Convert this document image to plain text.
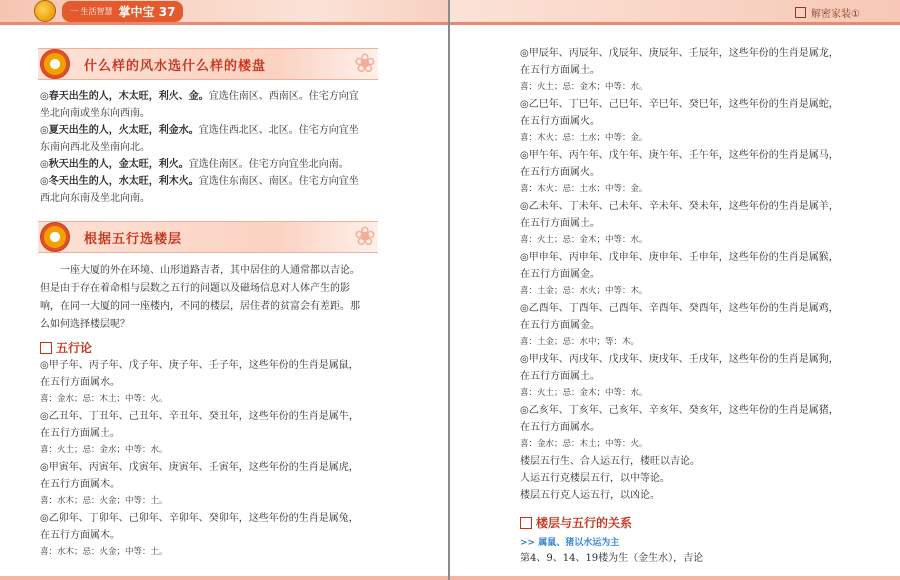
一 生活智慧 掌中宝 37
什么样的风水选什么样的楼盘	❀
◎春天出生的人，木太旺，利火、金。宜选住南区、西南区。住宅方向宜
坐北向南或坐东向西南。
◎夏天出生的人，火太旺，利金水。宜选住西北区、北区。住宅方向宜坐
东南向西北及坐南向北。
◎秋天出生的人，金太旺，利火。宜选住南区。住宅方向宜坐北向南。
◎冬天出生的人，水太旺，利木火。宜选住东南区、南区。住宅方向宜坐
西北向东南及坐北向南。
根据五行选楼层	❀
一座大厦的外在环境、山形道路吉者，其中居住的人通常都以吉论。
但是由于存在着命相与层数之五行的问题以及磁场信息对人体产生的影
响，在同一大厦的同一座楼内，不同的楼层，居住者的贫富会有差距。那
么如何选择楼层呢？
五行论
◎甲子年、丙子年、戊子年、庚子年、壬子年，这些年份的生肖是属鼠，
在五行方面属水。
喜：金水；忌：木土；中等：火。
◎乙丑年、丁丑年、己丑年、辛丑年、癸丑年，这些年份的生肖是属牛，
在五行方面属土。
喜：火土；忌：金水；中等：水。
◎甲寅年、丙寅年、戊寅年、庚寅年、壬寅年，这些年份的生肖是属虎，
在五行方面属木。
喜：水木；忌：火金；中等：土。
◎乙卯年、丁卯年、己卯年、辛卯年、癸卯年，这些年份的生肖是属兔，
在五行方面属木。
喜：水木；忌：火金；中等：土。
解密家装①
◎甲辰年、丙辰年、戊辰年、庚辰年、壬辰年，这些年份的生肖是属龙，
在五行方面属土。
喜：火土；忌：金木；中等：水。
◎乙巳年、丁巳年、己巳年、辛巳年、癸巳年，这些年份的生肖是属蛇，
在五行方面属火。
喜：木火；忌：土水；中等：金。
◎甲午年、丙午年、戊午年、庚午年、壬午年，这些年份的生肖是属马，
在五行方面属火。
喜：木火；忌：土水；中等：金。
◎乙未年、丁未年、己未年、辛未年、癸未年，这些年份的生肖是属羊，
在五行方面属土。
喜：火土；忌：金木；中等：水。
◎甲申年、丙申年、戊申年、庚申年、壬申年，这些年份的生肖是属猴，
在五行方面属金。
喜：土金；忌：水火；中等：木。
◎乙酉年、丁酉年、己酉年、辛酉年、癸酉年，这些年份的生肖是属鸡，
在五行方面属金。
喜：土金；忌：水中；等：木。
◎甲戌年、丙戌年、戊戌年、庚戌年、壬戌年，这些年份的生肖是属狗，
在五行方面属土。
喜：火土；忌：金木；中等：水。
◎乙亥年、丁亥年、己亥年、辛亥年、癸亥年，这些年份的生肖是属猪，
在五行方面属水。
喜：金水；忌：木土；中等：火。
楼层五行生、合人运五行，楼旺以吉论。
人运五行克楼层五行，以中等论。
楼层五行克人运五行，以凶论。
楼层与五行的关系
>> 属鼠、猪以水运为主
第4、9、14、19楼为生（金生水），吉论
